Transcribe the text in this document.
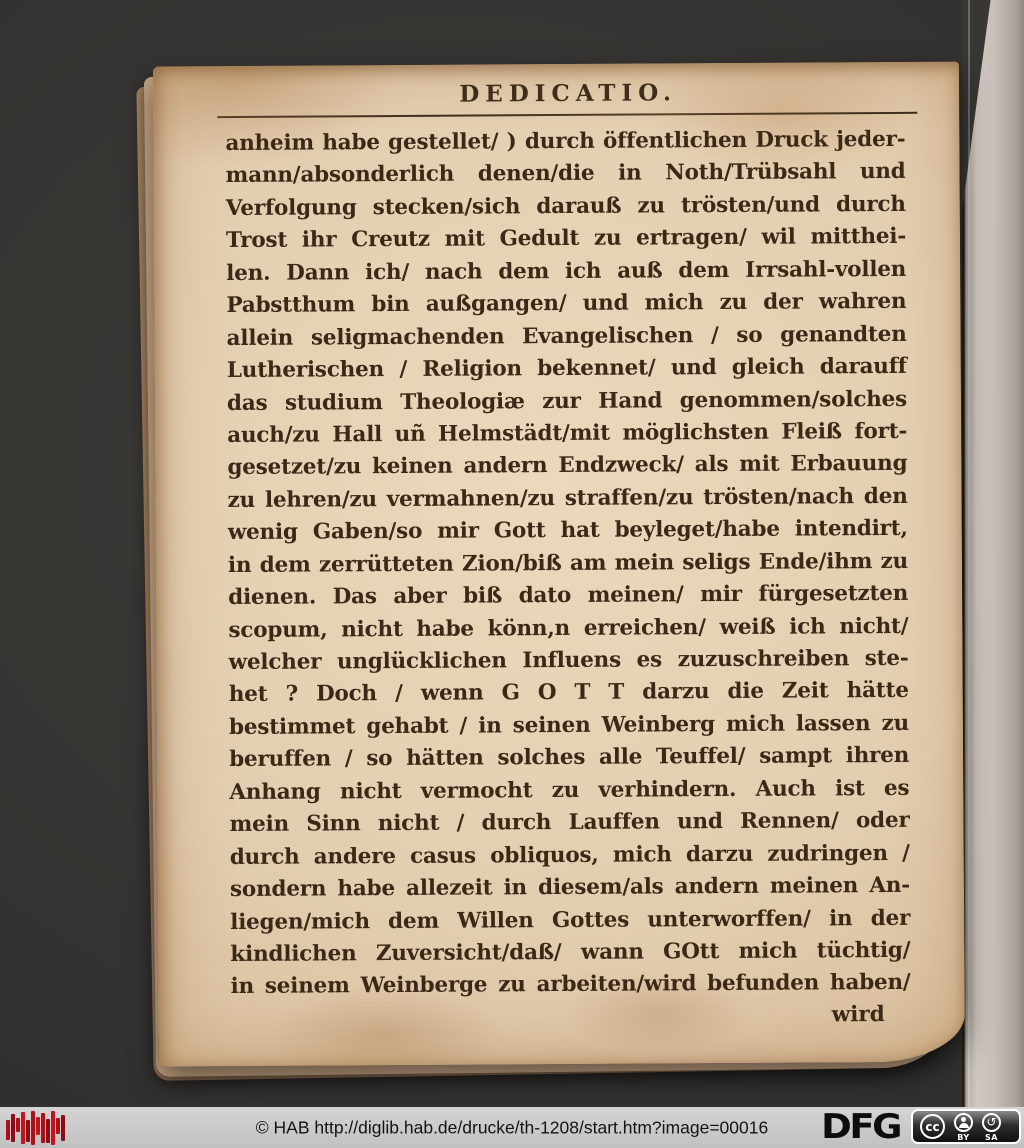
DEDICATIO.
anheim habe gestellet/ ) durch öffentlichen Druck jeder-
mann/absonderlich denen/die in Noth/Trübsahl und
Verfolgung stecken/sich darauß zu trösten/und durch
Trost ihr Creutz mit Gedult zu ertragen/ wil mitthei-
len. Dann ich/ nach dem ich auß dem Irrsahl-vollen
Pabstthum bin außgangen/ und mich zu der wahren
allein seligmachenden Evangelischen / so genandten
Lutherischen / Religion bekennet/ und gleich darauff
das studium Theologiæ zur Hand genommen/solches
auch/zu Hall uñ Helmstädt/mit möglichsten Fleiß fort-
gesetzet/zu keinen andern Endzweck/ als mit Erbauung
zu lehren/zu vermahnen/zu straffen/zu trösten/nach den
wenig Gaben/so mir Gott hat beyleget/habe intendirt,
in dem zerrütteten Zion/biß am mein seligs Ende/ihm zu
dienen. Das aber biß dato meinen/ mir fürgesetzten
scopum, nicht habe könn,n erreichen/ weiß ich nicht/
welcher unglücklichen Influens es zuzuschreiben ste-
het ? Doch / wenn G O T T darzu die Zeit hätte
bestimmet gehabt / in seinen Weinberg mich lassen zu
beruffen / so hätten solches alle Teuffel/ sampt ihren
Anhang nicht vermocht zu verhindern. Auch ist es
mein Sinn nicht / durch Lauffen und Rennen/ oder
durch andere casus obliquos, mich darzu zudringen /
sondern habe allezeit in diesem/als andern meinen An-
liegen/mich dem Willen Gottes unterworffen/ in der
kindlichen Zuversicht/daß/ wann GOtt mich tüchtig/
in seinem Weinberge zu arbeiten/wird befunden haben/
wird
© HAB http://diglib.hab.de/drucke/th-1208/start.htm?image=00016 DFG	cc
BY
↺
SA
